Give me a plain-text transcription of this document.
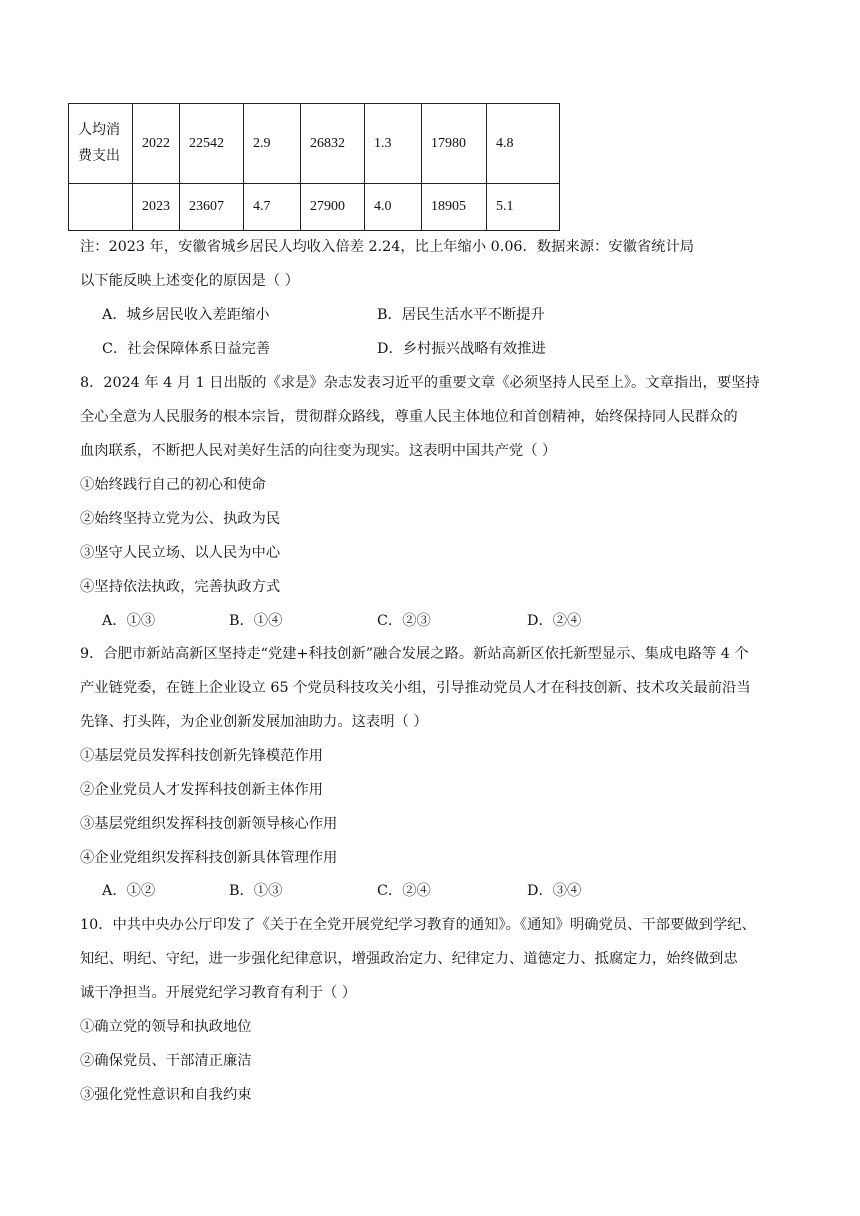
人均消
费支出	2022	22542	2.9	26832	1.3	17980	4.8
	2023	23607	4.7	27900	4.0	18905	5.1
注：2023 年，安徽省城乡居民人均收入倍差 2.24，比上年缩小 0.06．数据来源：安徽省统计局
以下能反映上述变化的原因是（ ）
A．城乡居民收入差距缩小	B．居民生活水平不断提升
C．社会保障体系日益完善	D．乡村振兴战略有效推进
8．2024 年 4 月 1 日出版的《求是》杂志发表习近平的重要文章《必须坚持人民至上》。文章指出，要坚持
全心全意为人民服务的根本宗旨，贯彻群众路线，尊重人民主体地位和首创精神，始终保持同人民群众的
血肉联系，不断把人民对美好生活的向往变为现实。这表明中国共产党（ ）
①始终践行自己的初心和使命
②始终坚持立党为公、执政为民
③坚守人民立场、以人民为中心
④坚持依法执政，完善执政方式
A．①③	B．①④	C．②③	D．②④
9．合肥市新站高新区坚持走“党建+科技创新”融合发展之路。新站高新区依托新型显示、集成电路等 4 个
产业链党委，在链上企业设立 65 个党员科技攻关小组，引导推动党员人才在科技创新、技术攻关最前沿当
先锋、打头阵，为企业创新发展加油助力。这表明（ ）
①基层党员发挥科技创新先锋模范作用
②企业党员人才发挥科技创新主体作用
③基层党组织发挥科技创新领导核心作用
④企业党组织发挥科技创新具体管理作用
A．①②	B．①③	C．②④	D．③④
10．中共中央办公厅印发了《关于在全党开展党纪学习教育的通知》。《通知》明确党员、干部要做到学纪、
知纪、明纪、守纪，进一步强化纪律意识，增强政治定力、纪律定力、道德定力、抵腐定力，始终做到忠
诚干净担当。开展党纪学习教育有利于（ ）
①确立党的领导和执政地位
②确保党员、干部清正廉洁
③强化党性意识和自我约束
